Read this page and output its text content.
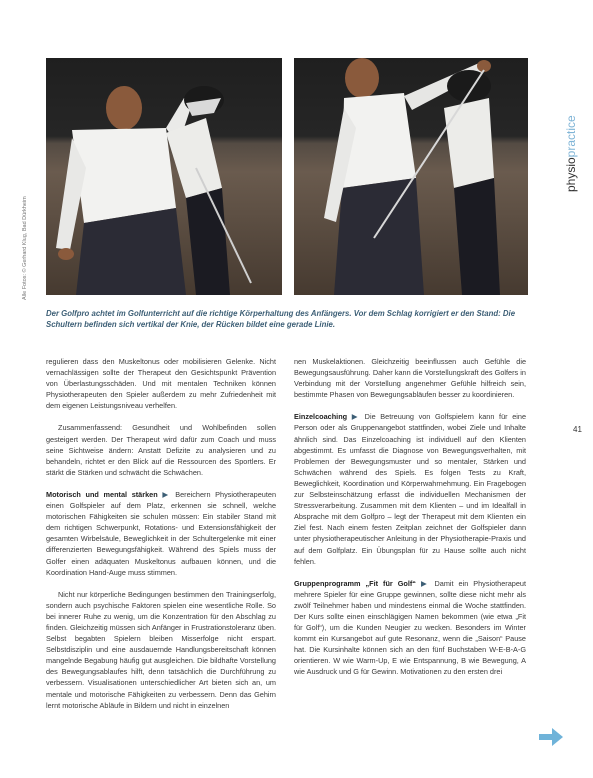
Alle Fotos: © Gerhard Klug, Bad Dürkheim
Der Golfpro achtet im Golfunterricht auf die richtige Körperhaltung des Anfängers. Vor dem Schlag korrigiert er den Stand: Die Schultern befinden sich vertikal der Knie, der Rücken bildet eine gerade Linie.

regulieren dass den Muskeltonus oder mobilisieren Gelenke. Nicht vernachlässigen sollte der Therapeut den Gesichtspunkt Prävention von Überlastungsschäden. Und mit mentalen Techniken können Physiotherapeuten den Spieler außerdem zu mehr Zufriedenheit mit dem eigenen Leistungsniveau verhelfen.

Zusammenfassend: Gesundheit und Wohlbefinden sollen gesteigert werden. Der Therapeut wird dafür zum Coach und muss seine Sichtweise ändern: Anstatt Defizite zu analysieren und zu behandeln, richtet er den Blick auf die Ressourcen des Sportlers. Er stärkt die Stärken und schwächt die Schwächen.

Motorisch und mental stärken ▶ Bereichern Physiotherapeuten einen Golfspieler auf dem Platz, erkennen sie schnell, welche motorischen Fähigkeiten sie schulen müssen: Ein stabiler Stand mit dem richtigen Schwerpunkt, Rotations- und Extensionsfähigkeit der gesamten Wirbelsäule, Beweglichkeit in der Schultergelenke mit einer differenzierten Bewegungsfähigkeit. Während des Spiels muss der Golfer einen adäquaten Muskeltonus aufbauen können, und die Koordination Hand-Auge muss stimmen.

Nicht nur körperliche Bedingungen bestimmen den Trainingserfolg, sondern auch psychische Faktoren spielen eine wesentliche Rolle. So bei innerer Ruhe zu wenig, um die Konzentration für den Abschlag zu finden. Gleichzeitig müssen sich Anfänger in Frustrationstoleranz üben. Selbst begabten Spielern bleiben Misserfolge nicht erspart. Selbstdisziplin und eine ausdauernde Handlungsbereitschaft können mangelnde Begabung häufig gut ausgleichen. Die bildhafte Vorstellung des Bewegungsablaufes hilft, denn tatsächlich die Durchführung zu verbessern. Visualisationen unterschiedlicher Art bieten sich an, um mentale und motorische Fähigkeiten zu verbessern. Denn das Gehirn lernt motorische Abläufe in Bildern und nicht in einzelnen

nen Muskelaktionen. Gleichzeitig beeinflussen auch Gefühle die Bewegungsausführung. Daher kann die Vorstellungskraft des Golfers in Verbindung mit der Vorstellung angenehmer Gefühle hilfreich sein, bestimmte Phasen von Bewegungsabläufen besser zu koordinieren.

Einzelcoaching ▶ Die Betreuung von Golfspielern kann für eine Person oder als Gruppenangebot stattfinden, wobei Ziele und Inhalte ähnlich sind. Das Einzelcoaching ist individuell auf den Klienten abgestimmt. Es umfasst die Diagnose von Bewegungsverhalten, mit Problemen der Bewegungsmuster und so mentaler, Stärken und Schwächen während des Spiels. Es folgen Tests zu Kraft, Beweglichkeit, Koordination und Körperwahrnehmung. Ein Fragebogen zur Selbsteinschätzung erfasst die individuellen Mechanismen der Stressverarbeitung. Zusammen mit dem Klienten – und im Idealfall in Absprache mit dem Golfpro – legt der Therapeut mit dem Klienten ein Ziel fest. Nach einem festen Zeitplan zeichnet der Golfspieler dann unter physiotherapeutischer Anleitung in der Physiotherapie-Praxis und auf dem Golfplatz. Ein Übungsplan für zu Hause sollte auch nicht fehlen.

Gruppenprogramm „Fit für Golf“ ▶ Damit ein Physiotherapeut mehrere Spieler für eine Gruppe gewinnen, sollte diese nicht mehr als zwölf Teilnehmer haben und mindestens einmal die Woche stattfinden. Der Kurs sollte einen einschlägigen Namen bekommen (wie etwa „Fit für Golf“), um die Kunden Neugier zu wecken. Besonders im Winter kommt ein Kursangebot auf gute Resonanz, wenn die „Saison“ Pause hat. Die Kursinhalte können sich an den fünf Buchstaben W-E-B-A-G orientieren. W wie Warm-Up, E wie Entspannung, B wie Bewegung, A wie Ausdruck und G für Gewinn. Motivationen zu den ersten drei

physiopractice
41
